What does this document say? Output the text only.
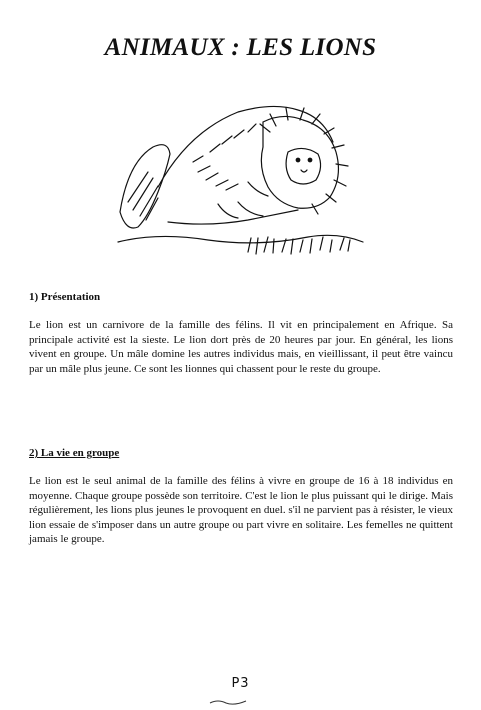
ANIMAUX : LES LIONS
1) Présentation

Le lion est un carnivore de la famille des félins. Il vit en principalement en Afrique. Sa principale activité est la sieste. Le lion dort près de 20 heures par jour. En général, les lions vivent en groupe. Un mâle domine les autres individus mais, en vieillissant, il peut être vaincu par un mâle plus jeune. Ce sont les lionnes qui chassent pour le reste du groupe.

2) La vie en groupe

Le lion est le seul animal de la famille des félins à vivre en groupe de 16 à 18 individus en moyenne. Chaque groupe possède son territoire. C'est le lion le plus puissant qui le dirige. Mais régulièrement, les lions plus jeunes le provoquent en duel. s'il ne parvient pas à résister, le vieux lion essaie de s'imposer dans un autre groupe ou part vivre en solitaire. Les femelles ne quittent jamais le groupe.

P3
